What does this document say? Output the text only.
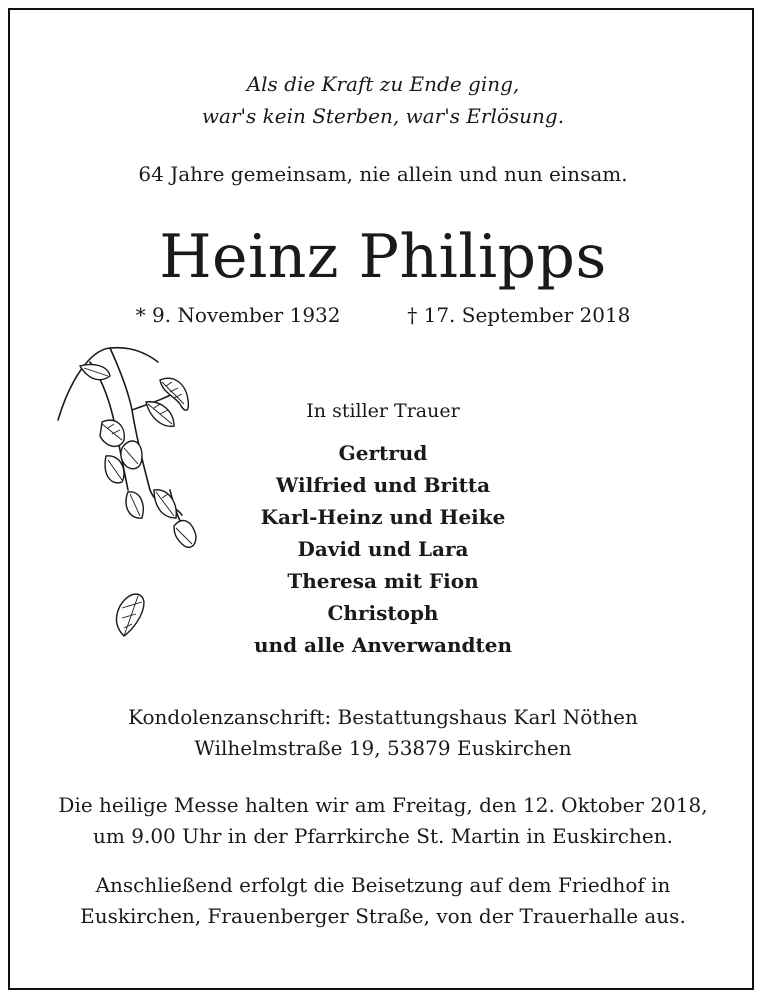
Als die Kraft zu Ende ging,
war's kein Sterben, war's Erlösung.
64 Jahre gemeinsam, nie allein und nun einsam.
Heinz Philipps
* 9. November 1932	† 17. September 2018
In stiller Trauer
Gertrud
Wilfried und Britta
Karl-Heinz und Heike
David und Lara
Theresa mit Fion
Christoph
und alle Anverwandten
Kondolenzanschrift: Bestattungshaus Karl Nöthen
Wilhelmstraße 19, 53879 Euskirchen
Die heilige Messe halten wir am Freitag, den 12. Oktober 2018,
um 9.00 Uhr in der Pfarrkirche St. Martin in Euskirchen.
Anschließend erfolgt die Beisetzung auf dem Friedhof in
Euskirchen, Frauenberger Straße, von der Trauerhalle aus.
